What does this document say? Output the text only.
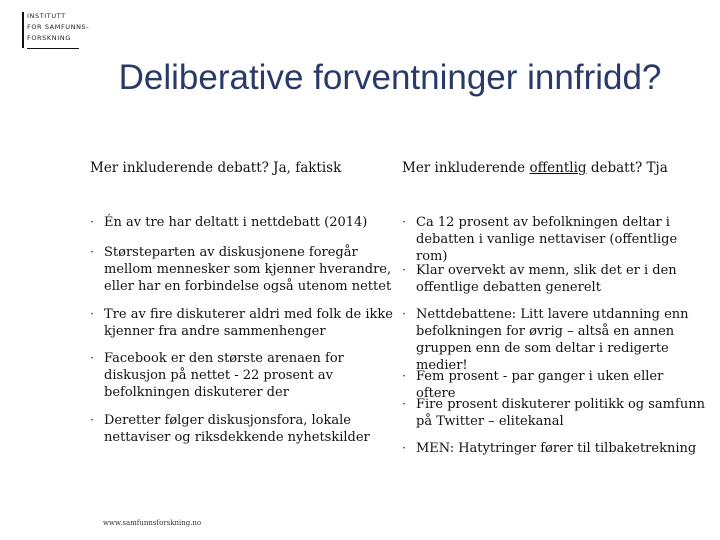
INSTITUTT
FOR SAMFUNNS-
FORSKNING
Deliberative forventninger innfridd?
Mer inkluderende debatt? Ja, faktisk	Mer inkluderende offentlig debatt? Tja
· Én av tre har deltatt i nettdebatt (2014)
· Størsteparten av diskusjonene foregår mellom mennesker som kjenner hverandre, eller har en forbindelse også utenom nettet
· Tre av fire diskuterer aldri med folk de ikke kjenner fra andre sammenhenger
· Facebook er den største arenaen for diskusjon på nettet - 22 prosent av befolkningen diskuterer der
· Deretter følger diskusjonsfora, lokale nettaviser og riksdekkende nyhetskilder
· Ca 12 prosent av befolkningen deltar i debatten i vanlige nettaviser (offentlige rom)
· Klar overvekt av menn, slik det er i den offentlige debatten generelt
· Nettdebattene: Litt lavere utdanning enn befolkningen for øvrig – altså en annen gruppen enn de som deltar i redigerte medier!
· Fem prosent - par ganger i uken eller oftere
· Fire prosent diskuterer politikk og samfunn på Twitter – elitekanal
· MEN: Hatytringer fører til tilbaketrekning
www.samfunnsforskning.no
